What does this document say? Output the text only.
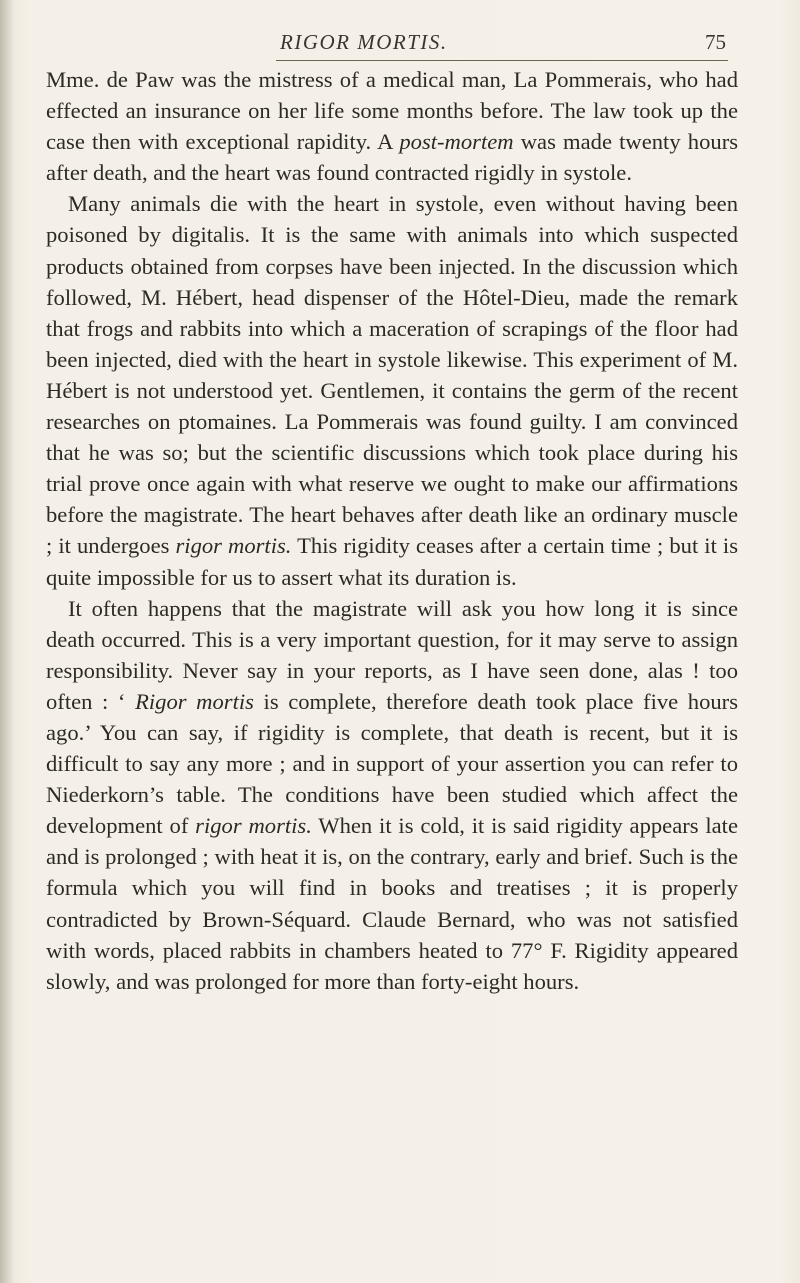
RIGOR MORTIS.	75

Mme. de Paw was the mistress of a medical man, La Pommerais, who had effected an insurance on her life some months before. The law took up the case then with exceptional rapidity. A post-mortem was made twenty hours after death, and the heart was found contracted rigidly in systole.

Many animals die with the heart in systole, even without having been poisoned by digitalis. It is the same with animals into which suspected products obtained from corpses have been injected. In the discussion which followed, M. Hébert, head dispenser of the Hôtel-Dieu, made the remark that frogs and rabbits into which a maceration of scrapings of the floor had been injected, died with the heart in systole likewise. This experiment of M. Hébert is not understood yet. Gentlemen, it contains the germ of the recent researches on ptomaines. La Pommerais was found guilty. I am convinced that he was so; but the scientific discussions which took place during his trial prove once again with what reserve we ought to make our affirmations before the magistrate. The heart behaves after death like an ordinary muscle ; it undergoes rigor mortis. This rigidity ceases after a certain time ; but it is quite impossible for us to assert what its duration is.

It often happens that the magistrate will ask you how long it is since death occurred. This is a very important question, for it may serve to assign responsibility. Never say in your reports, as I have seen done, alas ! too often : ‘ Rigor mortis is complete, therefore death took place five hours ago.’ You can say, if rigidity is complete, that death is recent, but it is difficult to say any more ; and in support of your assertion you can refer to Niederkorn’s table. The conditions have been studied which affect the development of rigor mortis. When it is cold, it is said rigidity appears late and is prolonged ; with heat it is, on the contrary, early and brief. Such is the formula which you will find in books and treatises ; it is properly contradicted by Brown-Séquard. Claude Bernard, who was not satisfied with words, placed rabbits in chambers heated to 77° F. Rigidity appeared slowly, and was prolonged for more than forty-eight hours.
